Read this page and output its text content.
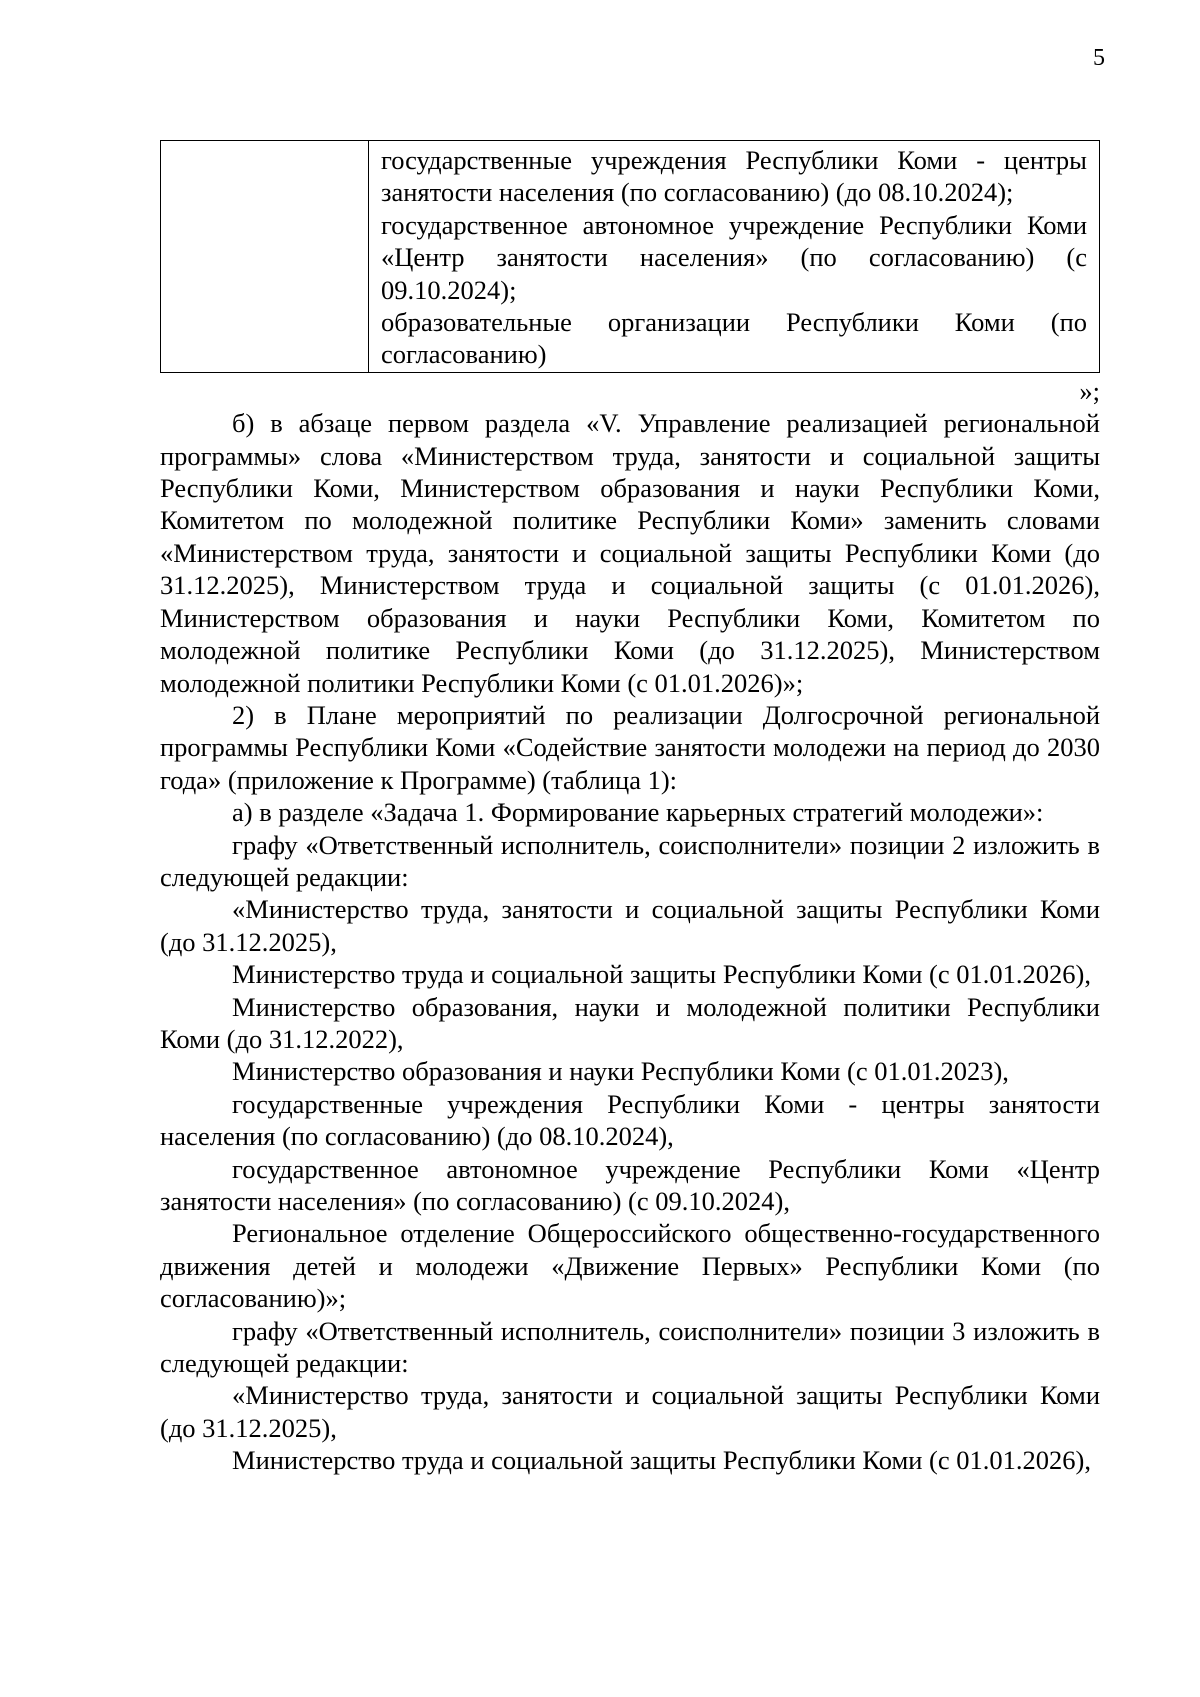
5

государственные учреждения Республики Коми - центры занятости населения (по согласованию) (до 08.10.2024);

государственное автономное учреждение Республики Коми «Центр занятости населения» (по согласованию) (с 09.10.2024);

образовательные организации Республики Коми (по согласованию)

»;

б) в абзаце первом раздела «V. Управление реализацией региональной программы» слова «Министерством труда, занятости и социальной защиты Республики Коми, Министерством образования и науки Республики Коми, Комитетом по молодежной политике Республики Коми» заменить словами «Министерством труда, занятости и социальной защиты Республики Коми (до 31.12.2025), Министерством труда и социальной защиты (с 01.01.2026), Министерством образования и науки Республики Коми, Комитетом по молодежной политике Республики Коми (до 31.12.2025), Министерством молодежной политики Республики Коми (с 01.01.2026)»;

2) в Плане мероприятий по реализации Долгосрочной региональной программы Республики Коми «Содействие занятости молодежи на период до 2030 года» (приложение к Программе) (таблица 1):

а) в разделе «Задача 1. Формирование карьерных стратегий молодежи»:

графу «Ответственный исполнитель, соисполнители» позиции 2 изложить в следующей редакции:

«Министерство труда, занятости и социальной защиты Республики Коми (до 31.12.2025),

Министерство труда и социальной защиты Республики Коми (с 01.01.2026),

Министерство образования, науки и молодежной политики Республики Коми (до 31.12.2022),

Министерство образования и науки Республики Коми (с 01.01.2023),

государственные учреждения Республики Коми - центры занятости населения (по согласованию) (до 08.10.2024),

государственное автономное учреждение Республики Коми «Центр занятости населения» (по согласованию) (с 09.10.2024),

Региональное отделение Общероссийского общественно-государственного движения детей и молодежи «Движение Первых» Республики Коми (по согласованию)»;

графу «Ответственный исполнитель, соисполнители» позиции 3 изложить в следующей редакции:

«Министерство труда, занятости и социальной защиты Республики Коми (до 31.12.2025),

Министерство труда и социальной защиты Республики Коми (с 01.01.2026),
